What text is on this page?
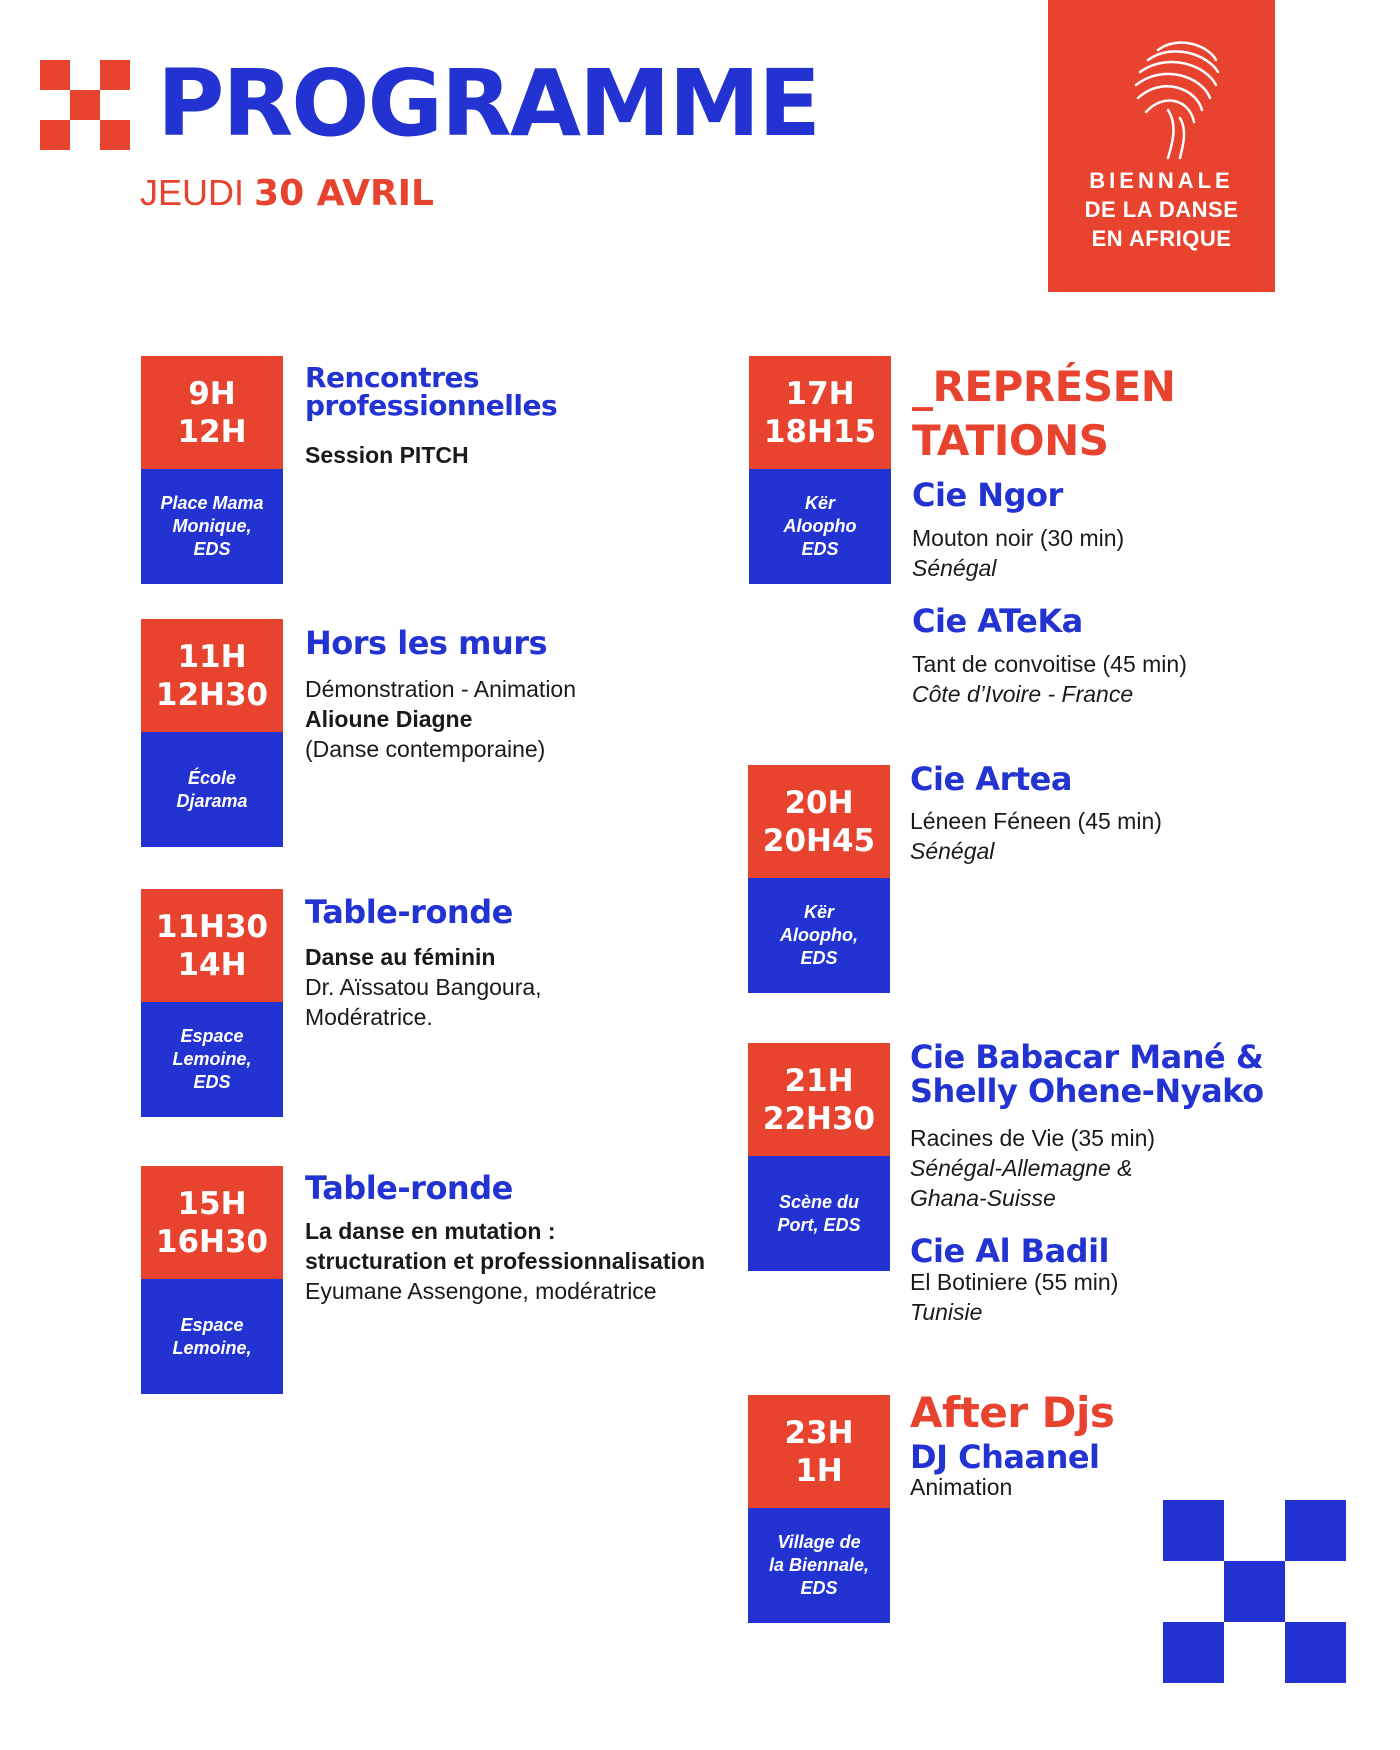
PROGRAMME
JEUDI 30 AVRIL	BIENNALE
DE LA DANSE
EN AFRIQUE
9H
12H
Place Mama
Monique,
EDS
Rencontres professionnelles
Session PITCH
11H
12H30
École
Djarama
Hors les murs
Démonstration - Animation
Alioune Diagne
(Danse contemporaine)
11H30
14H
Espace
Lemoine,
EDS
Table-ronde
Danse au féminin
Dr. Aïssatou Bangoura,
Modératrice.
15H
16H30
Espace
Lemoine,
Table-ronde
La danse en mutation :
structuration et professionnalisation
Eyumane Assengone, modératrice
17H
18H15
Kër
Aloopho
EDS
_REPRÉSEN
TATIONS
Cie Ngor
Mouton noir (30 min)
Sénégal
Cie ATeKa
Tant de convoitise (45 min)
Côte d’Ivoire - France
20H
20H45
Kër
Aloopho,
EDS
Cie Artea
Léneen Féneen (45 min)
Sénégal
21H
22H30
Scène du
Port, EDS
Cie Babacar Mané &
Shelly Ohene-Nyako
Racines de Vie (35 min)
Sénégal-Allemagne &
Ghana-Suisse
Cie Al Badil
El Botiniere (55 min)
Tunisie
23H
1H
Village de
la Biennale,
EDS
After Djs
DJ Chaanel
Animation
